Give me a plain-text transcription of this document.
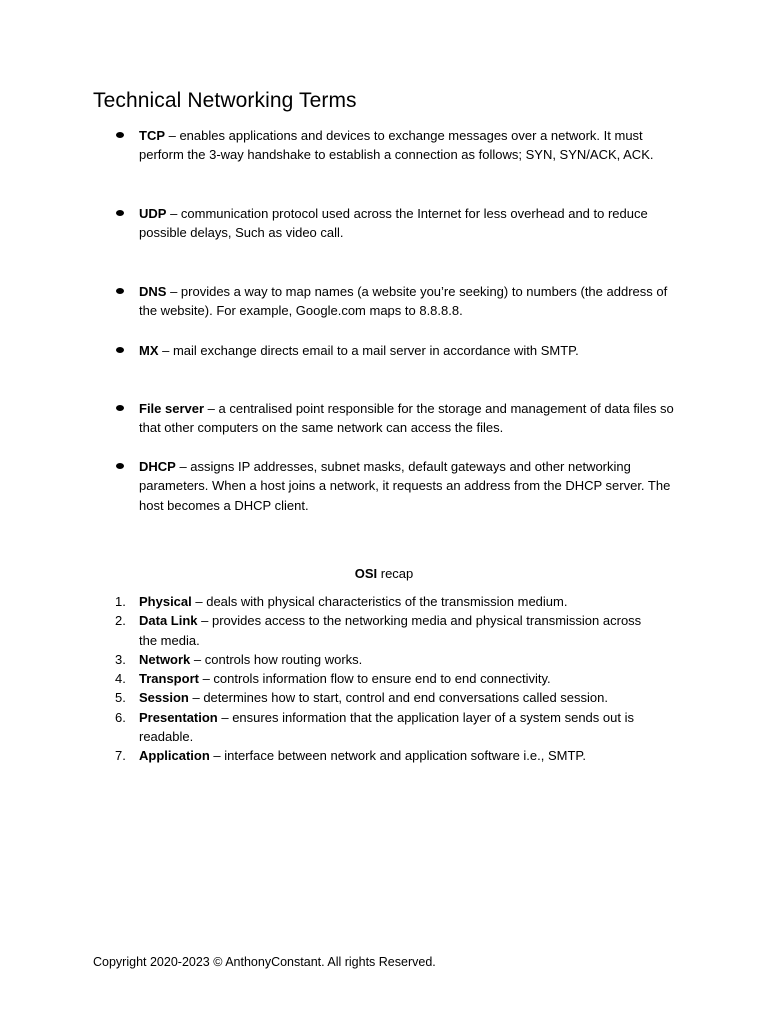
Technical Networking Terms
TCP – enables applications and devices to exchange messages over a network. It must perform the 3-way handshake to establish a connection as follows; SYN, SYN/ACK, ACK.
UDP – communication protocol used across the Internet for less overhead and to reduce possible delays, Such as video call.
DNS – provides a way to map names (a website you’re seeking) to numbers (the address of the website). For example, Google.com maps to 8.8.8.8.
MX – mail exchange directs email to a mail server in accordance with SMTP.
File server – a centralised point responsible for the storage and management of data files so that other computers on the same network can access the files.
DHCP – assigns IP addresses, subnet masks, default gateways and other networking parameters. When a host joins a network, it requests an address from the DHCP server. The host becomes a DHCP client.
OSI recap
1. Physical – deals with physical characteristics of the transmission medium.
2. Data Link – provides access to the networking media and physical transmission across the media.
3. Network – controls how routing works.
4. Transport – controls information flow to ensure end to end connectivity.
5. Session – determines how to start, control and end conversations called session.
6. Presentation – ensures information that the application layer of a system sends out is readable.
7. Application – interface between network and application software i.e., SMTP.
Copyright 2020-2023 © AnthonyConstant. All rights Reserved.
